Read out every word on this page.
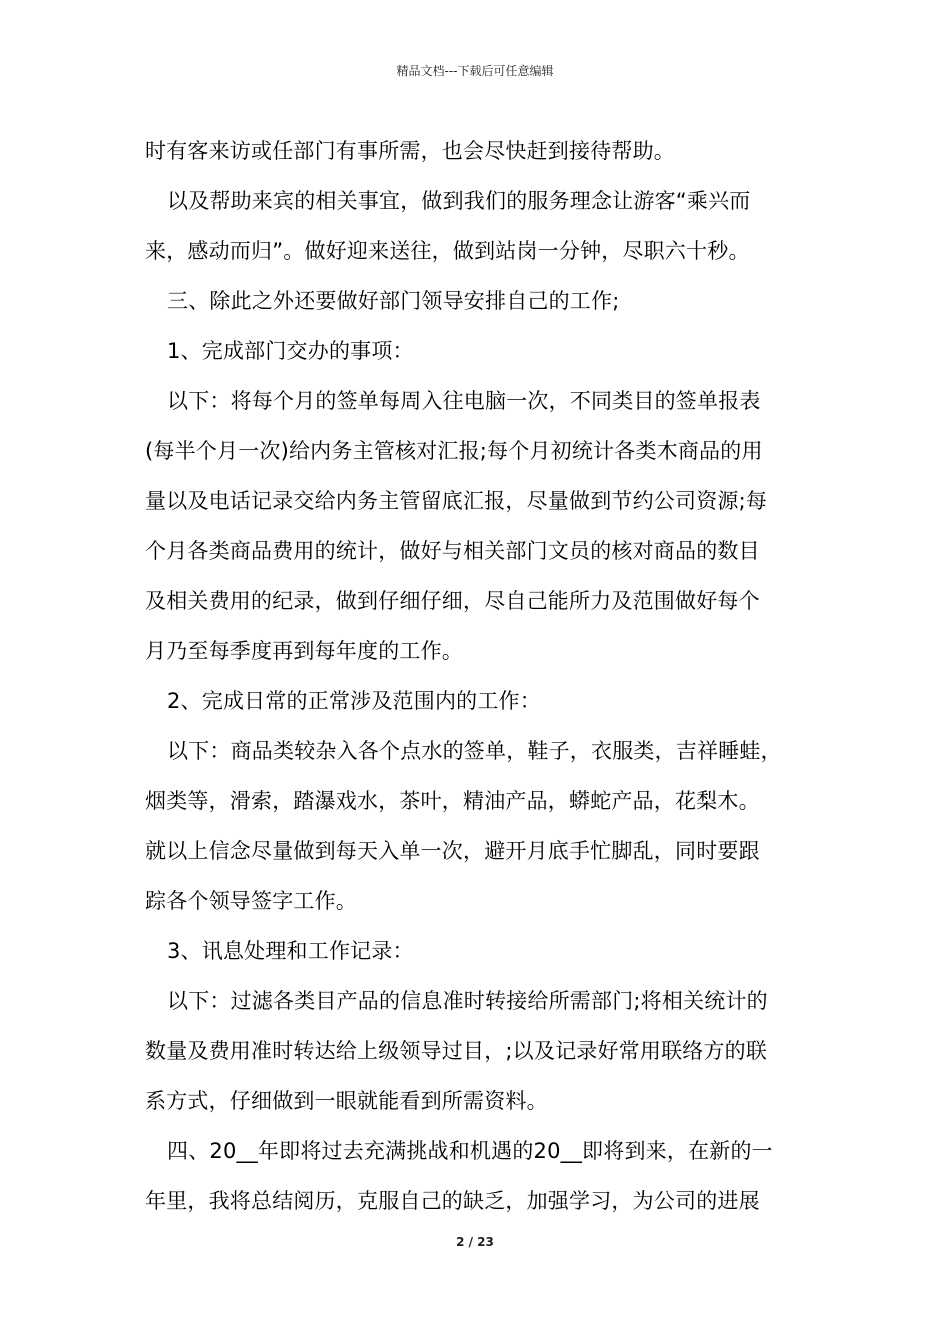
精品文档---下载后可任意编辑
时有客来访或任部门有事所需，也会尽快赶到接待帮助。
以及帮助来宾的相关事宜，做到我们的服务理念让游客“乘兴而
来，感动而归”。做好迎来送往，做到站岗一分钟，尽职六十秒。
三、除此之外还要做好部门领导安排自己的工作;
1、完成部门交办的事项：
以下：将每个月的签单每周入往电脑一次，不同类目的签单报表
(每半个月一次)给内务主管核对汇报;每个月初统计各类木商品的用
量以及电话记录交给内务主管留底汇报，尽量做到节约公司资源;每
个月各类商品费用的统计，做好与相关部门文员的核对商品的数目
及相关费用的纪录，做到仔细仔细，尽自己能所力及范围做好每个
月乃至每季度再到每年度的工作。
2、完成日常的正常涉及范围内的工作：
以下：商品类较杂入各个点水的签单，鞋子，衣服类，吉祥睡蛙，
烟类等，滑索，踏瀑戏水，茶叶，精油产品，蟒蛇产品，花梨木。
就以上信念尽量做到每天入单一次，避开月底手忙脚乱，同时要跟
踪各个领导签字工作。
3、讯息处理和工作记录：
以下：过滤各类目产品的信息准时转接给所需部门;将相关统计的
数量及费用准时转达给上级领导过目，;以及记录好常用联络方的联
系方式，仔细做到一眼就能看到所需资料。
四、20__年即将过去充满挑战和机遇的20__即将到来，在新的一
年里，我将总结阅历，克服自己的缺乏，加强学习，为公司的进展
2 / 23
